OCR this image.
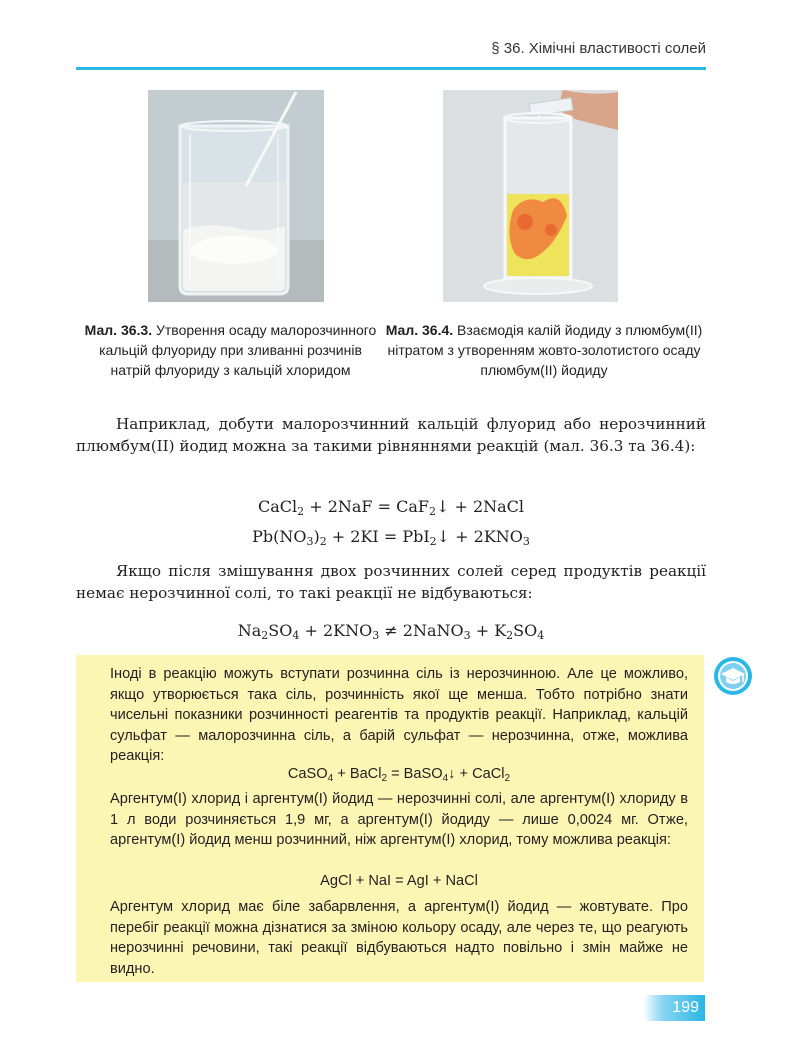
§ 36. Хімічні властивості солей
Мал. 36.3. Утворення осаду малорозчинного кальцій флуориду при зливанні розчинів натрій флуориду з кальцій хлоридом
Мал. 36.4. Взаємодія калій йодиду з плюмбум(ІІ) нітратом з утворенням жовто-золотистого осаду плюмбум(ІІ) йодиду
Наприклад, добути малорозчинний кальцій флуорид або нерозчинний плюмбум(ІІ) йодид можна за такими рівняннями реакцій (мал. 36.3 та 36.4):
CaCl$_2$ + 2NaF = CaF$_2$↓ + 2NaCl
$Pb(NO_3)_2 + 2KI$ = PbI$_2$↓ + $2KNO_3$
Якщо після змішування двох розчинних солей серед продуктів реакції немає нерозчинної солі, то такі реакції не відбуваються:
$Na_2SO_4 + 2KNO_3$ ≠ 2NaNO$_3$ + $K_2SO_4$
Іноді в реакцію можуть вступати розчинна сіль із нерозчинною. Але це можливо, якщо утворюється така сіль, розчинність якої ще менша. Тобто потрібно знати чисельні показники розчинності реагентів та продуктів реакції. Наприклад, кальцій сульфат — малорозчинна сіль, а барій сульфат — нерозчинна, отже, можлива реакція:
CaSO$_4$ + BaCl$_2$ = BaSO$_4$↓ + CaCl$_2$
Аргентум(І) хлорид і аргентум(І) йодид — нерозчинні солі, але аргентум(І) хлориду в 1 л води розчиняється 1,9 мг, а аргентум(І) йодиду — лише 0,0024 мг. Отже, аргентум(І) йодид менш розчинний, ніж аргентум(І) хлорид, тому можлива реакція:
AgCl + NaI = AgI + NaCl
Аргентум хлорид має біле забарвлення, а аргентум(І) йодид — жовтувате. Про перебіг реакції можна дізнатися за зміною кольору осаду, але через те, що реагують нерозчинні речовини, такі реакції відбуваються надто повільно і змін майже не видно.
199
